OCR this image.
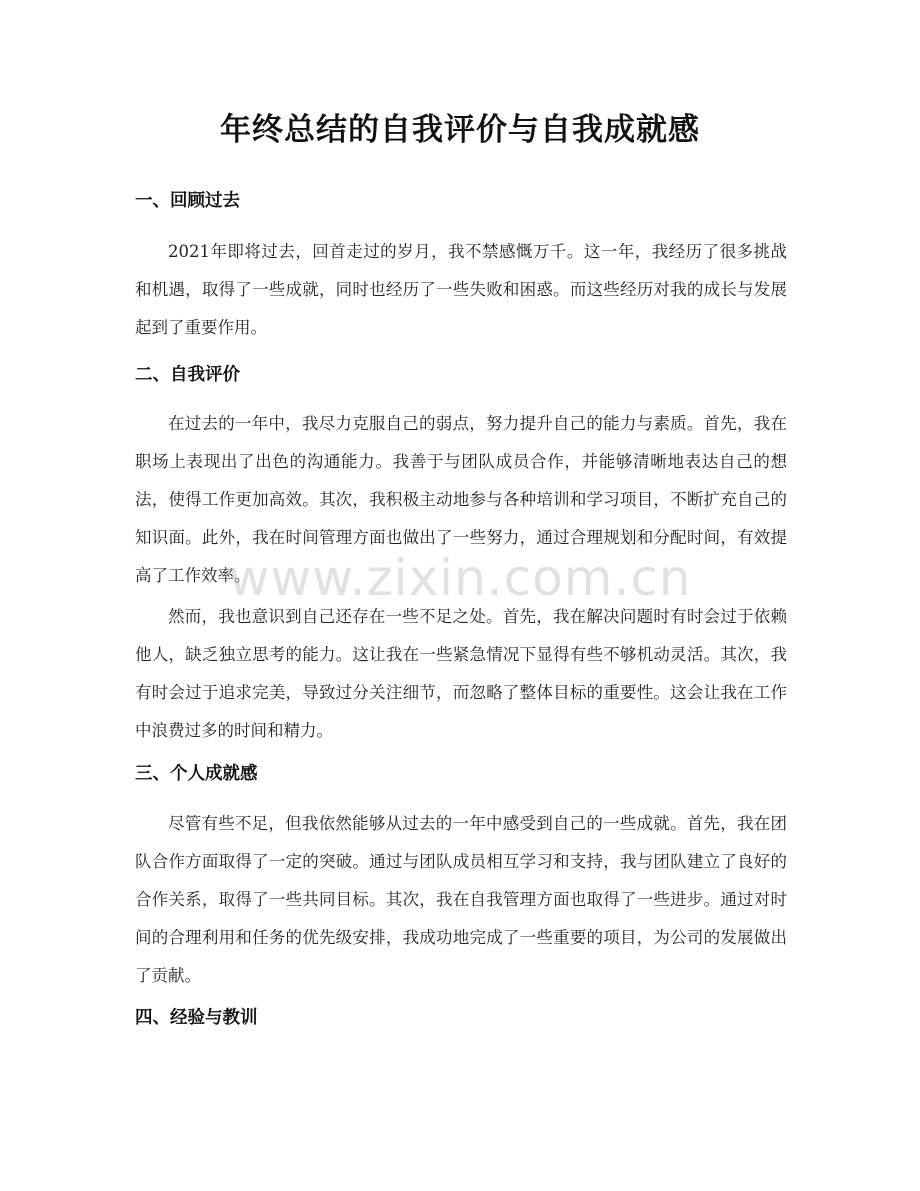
年终总结的自我评价与自我成就感
一、回顾过去

2021年即将过去，回首走过的岁月，我不禁感慨万千。这一年，我经历了很多挑战和机遇，取得了一些成就，同时也经历了一些失败和困惑。而这些经历对我的成长与发展起到了重要作用。

二、自我评价

在过去的一年中，我尽力克服自己的弱点，努力提升自己的能力与素质。首先，我在职场上表现出了出色的沟通能力。我善于与团队成员合作，并能够清晰地表达自己的想法，使得工作更加高效。其次，我积极主动地参与各种培训和学习项目，不断扩充自己的知识面。此外，我在时间管理方面也做出了一些努力，通过合理规划和分配时间，有效提高了工作效率。

然而，我也意识到自己还存在一些不足之处。首先，我在解决问题时有时会过于依赖他人，缺乏独立思考的能力。这让我在一些紧急情况下显得有些不够机动灵活。其次，我有时会过于追求完美，导致过分关注细节，而忽略了整体目标的重要性。这会让我在工作中浪费过多的时间和精力。

三、个人成就感

尽管有些不足，但我依然能够从过去的一年中感受到自己的一些成就。首先，我在团队合作方面取得了一定的突破。通过与团队成员相互学习和支持，我与团队建立了良好的合作关系，取得了一些共同目标。其次，我在自我管理方面也取得了一些进步。通过对时间的合理利用和任务的优先级安排，我成功地完成了一些重要的项目，为公司的发展做出了贡献。

四、经验与教训
www.zixin.com.cn
